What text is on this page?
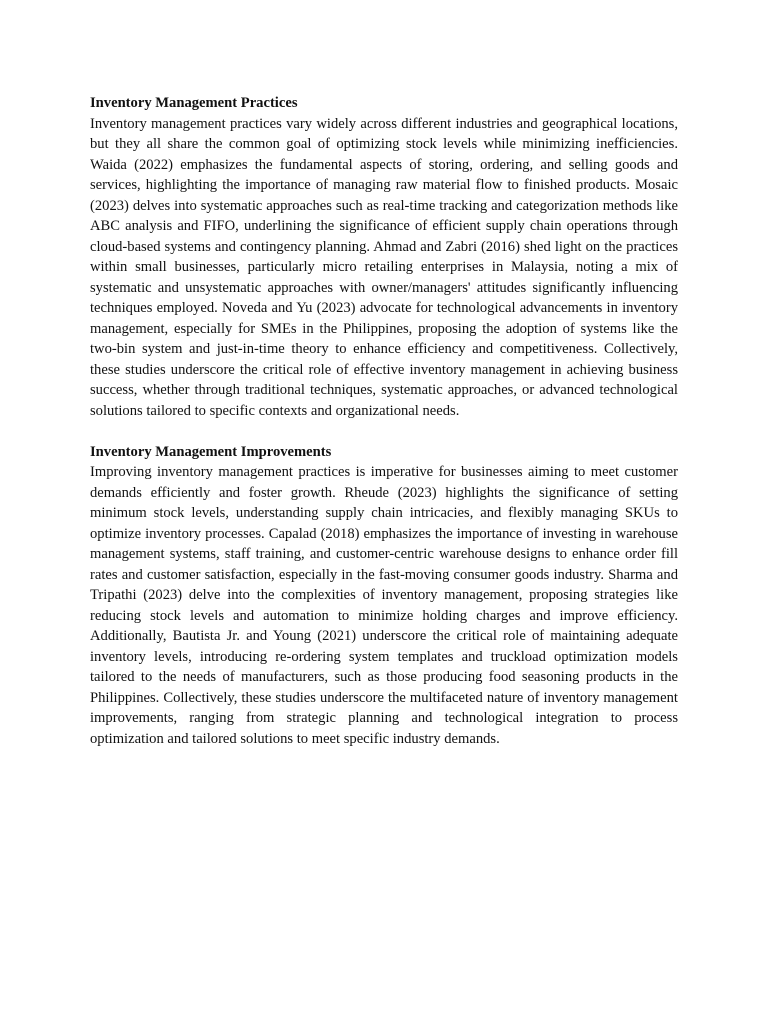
Inventory Management Practices

Inventory management practices vary widely across different industries and geographical locations, but they all share the common goal of optimizing stock levels while minimizing inefficiencies. Waida (2022) emphasizes the fundamental aspects of storing, ordering, and selling goods and services, highlighting the importance of managing raw material flow to finished products. Mosaic (2023) delves into systematic approaches such as real-time tracking and categorization methods like ABC analysis and FIFO, underlining the significance of efficient supply chain operations through cloud-based systems and contingency planning. Ahmad and Zabri (2016) shed light on the practices within small businesses, particularly micro retailing enterprises in Malaysia, noting a mix of systematic and unsystematic approaches with owner/managers' attitudes significantly influencing techniques employed. Noveda and Yu (2023) advocate for technological advancements in inventory management, especially for SMEs in the Philippines, proposing the adoption of systems like the two-bin system and just-in-time theory to enhance efficiency and competitiveness. Collectively, these studies underscore the critical role of effective inventory management in achieving business success, whether through traditional techniques, systematic approaches, or advanced technological solutions tailored to specific contexts and organizational needs.

Inventory Management Improvements

Improving inventory management practices is imperative for businesses aiming to meet customer demands efficiently and foster growth. Rheude (2023) highlights the significance of setting minimum stock levels, understanding supply chain intricacies, and flexibly managing SKUs to optimize inventory processes. Capalad (2018) emphasizes the importance of investing in warehouse management systems, staff training, and customer-centric warehouse designs to enhance order fill rates and customer satisfaction, especially in the fast-moving consumer goods industry. Sharma and Tripathi (2023) delve into the complexities of inventory management, proposing strategies like reducing stock levels and automation to minimize holding charges and improve efficiency. Additionally, Bautista Jr. and Young (2021) underscore the critical role of maintaining adequate inventory levels, introducing re-ordering system templates and truckload optimization models tailored to the needs of manufacturers, such as those producing food seasoning products in the Philippines. Collectively, these studies underscore the multifaceted nature of inventory management improvements, ranging from strategic planning and technological integration to process optimization and tailored solutions to meet specific industry demands.
